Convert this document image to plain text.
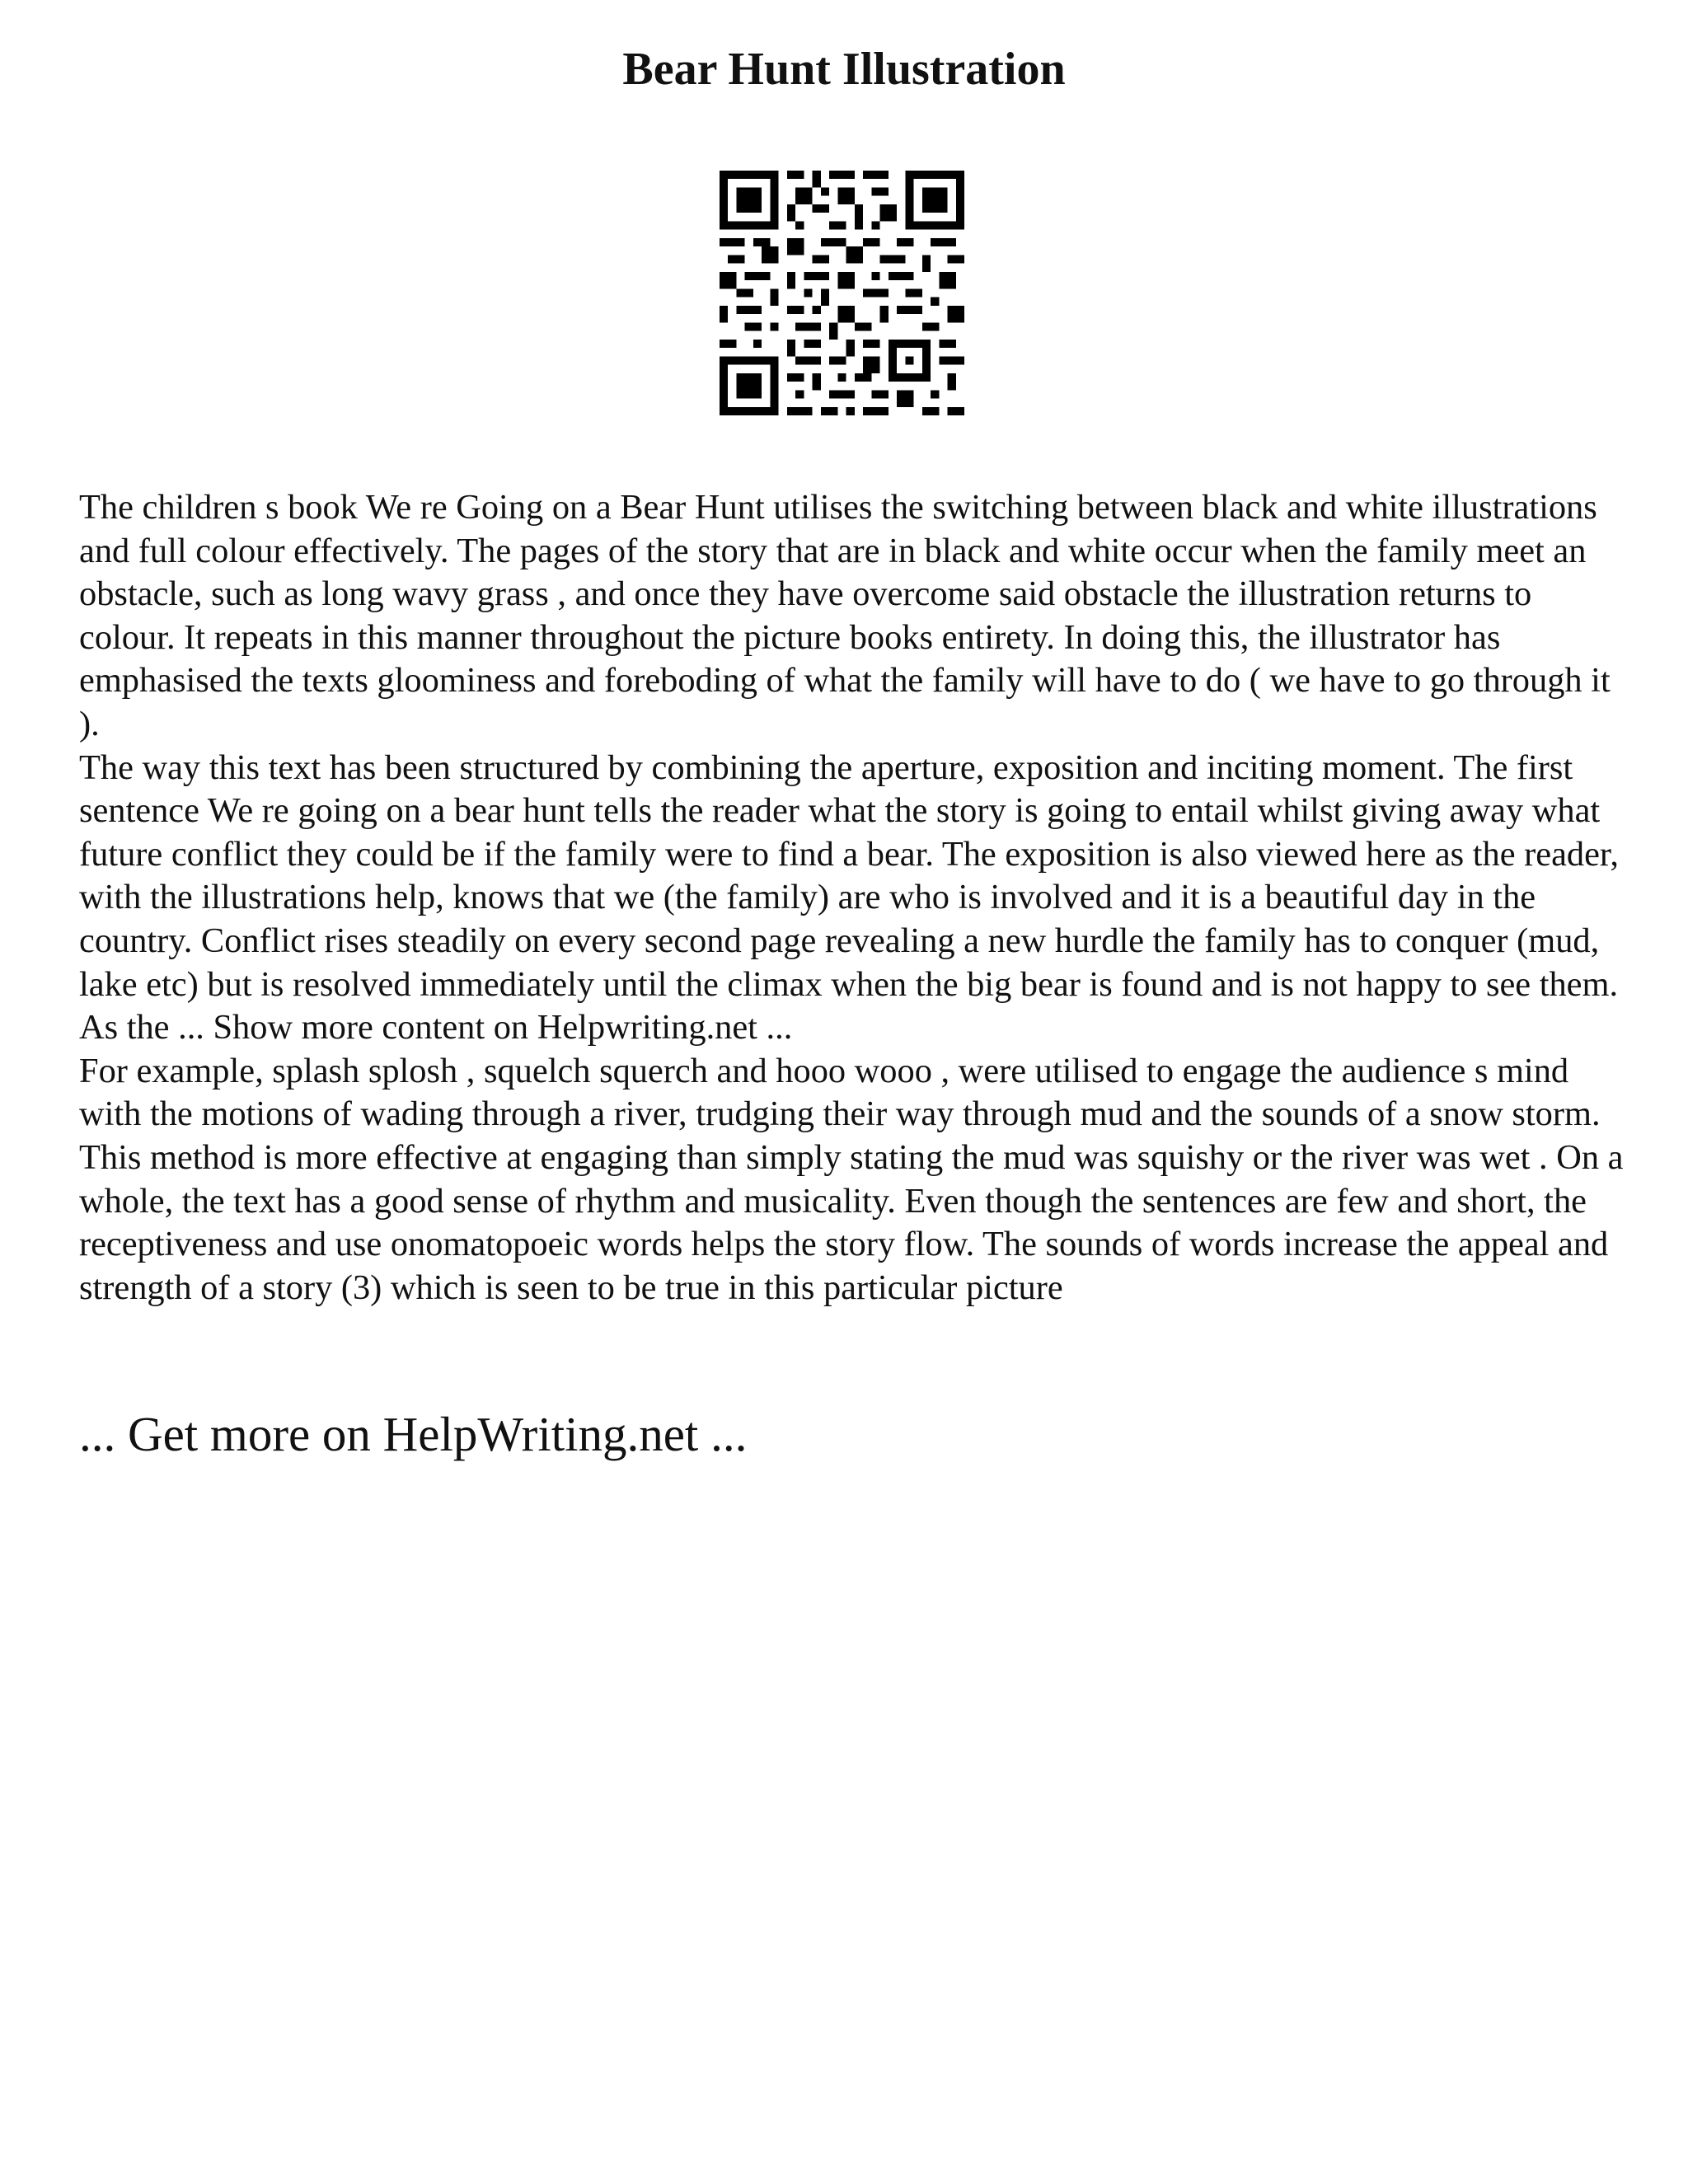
Bear Hunt Illustration

The children s book We re Going on a Bear Hunt utilises the switching between black and white illustrations and full colour effectively. The pages of the story that are in black and white occur when the family meet an obstacle, such as long wavy grass , and once they have overcome said obstacle the illustration returns to colour. It repeats in this manner throughout the picture books entirety. In doing this, the illustrator has emphasised the texts gloominess and foreboding of what the family will have to do ( we have to go through it ).

The way this text has been structured by combining the aperture, exposition and inciting moment. The first sentence We re going on a bear hunt tells the reader what the story is going to entail whilst giving away what future conflict they could be if the family were to find a bear. The exposition is also viewed here as the reader, with the illustrations help, knows that we (the family) are who is involved and it is a beautiful day in the country. Conflict rises steadily on every second page revealing a new hurdle the family has to conquer (mud, lake etc) but is resolved immediately until the climax when the big bear is found and is not happy to see them. As the ... Show more content on Helpwriting.net ...

For example, splash splosh , squelch squerch and hooo wooo , were utilised to engage the audience s mind with the motions of wading through a river, trudging their way through mud and the sounds of a snow storm. This method is more effective at engaging than simply stating the mud was squishy or the river was wet . On a whole, the text has a good sense of rhythm and musicality. Even though the sentences are few and short, the receptiveness and use onomatopoeic words helps the story flow. The sounds of words increase the appeal and strength of a story (3) which is seen to be true in this particular picture

... Get more on HelpWriting.net ...
